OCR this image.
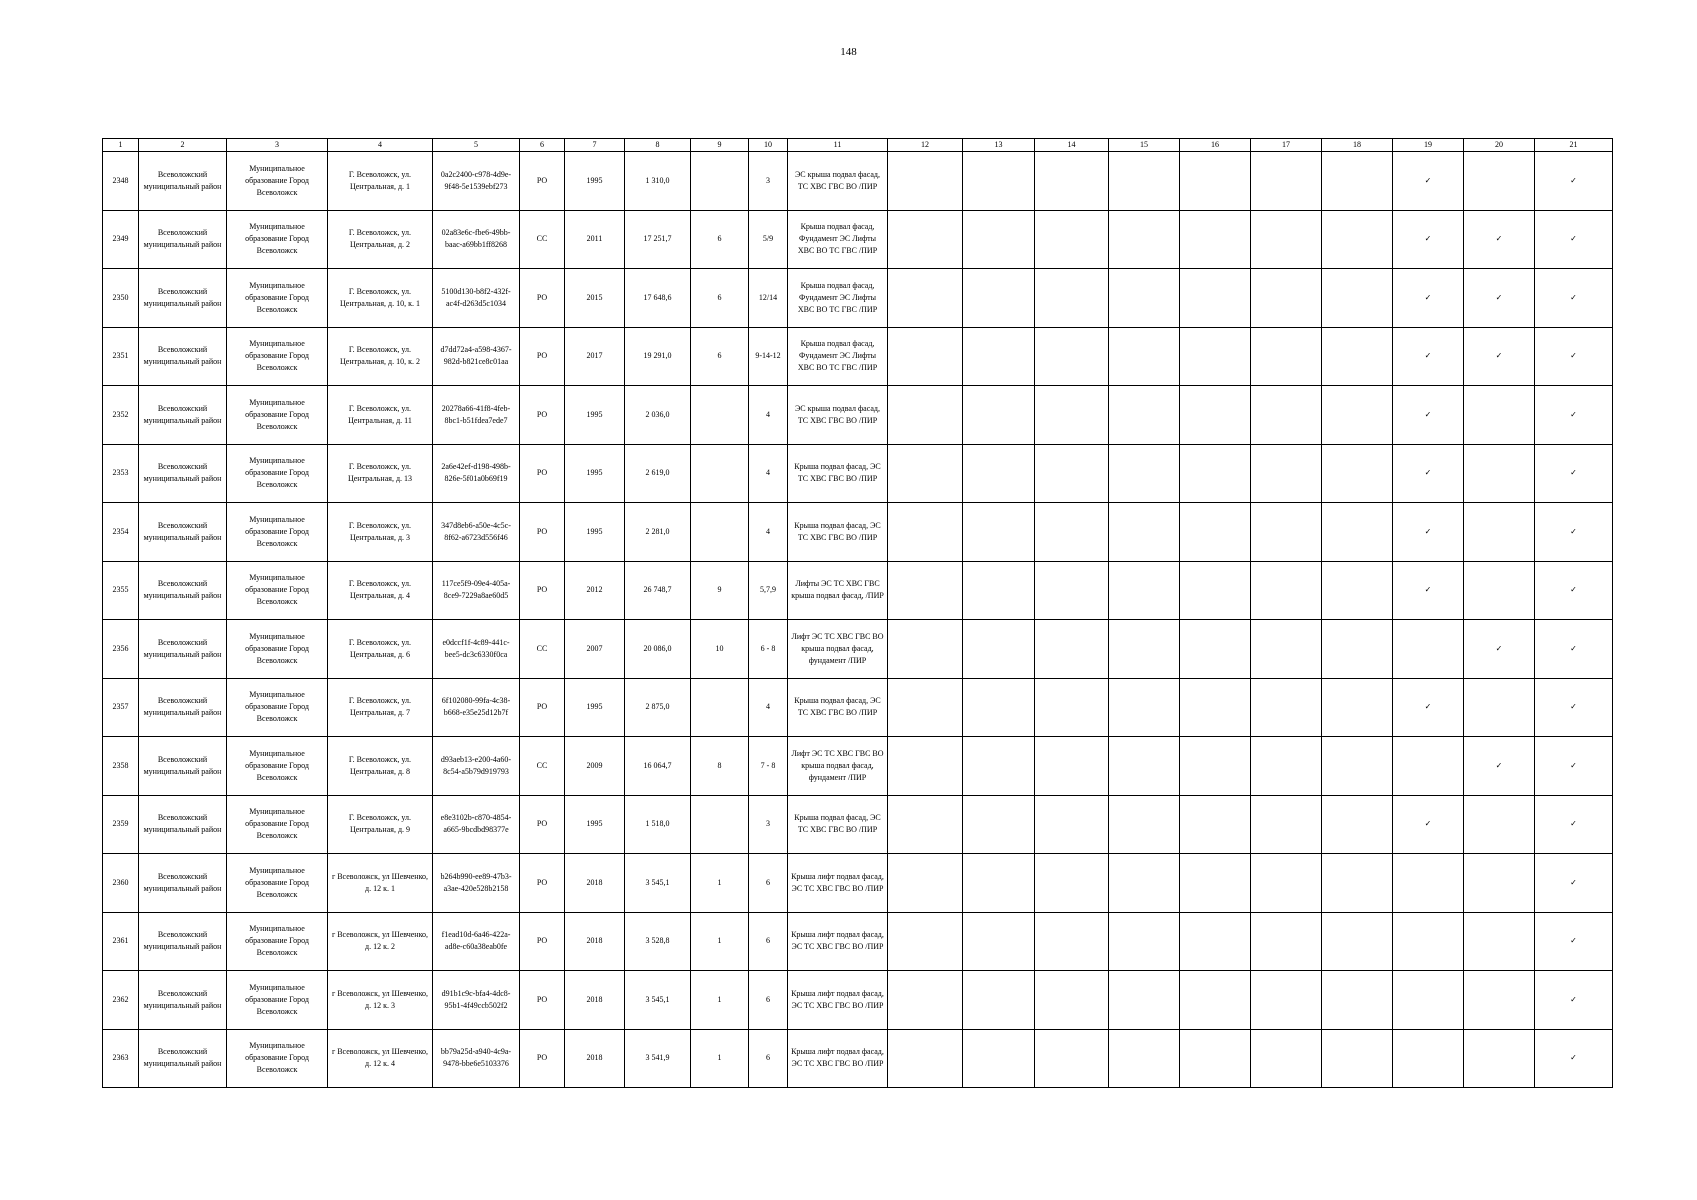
148
1	2	3	4	5	6	7	8	9	10	11	12	13	14	15	16	17	18	19	20	21
2348	Всеволожский муниципальный район	Муниципальное образование Город Всеволожск	Г. Всеволожск, ул. Центральная, д. 1	0a2c2400-c978-4d9e-9f48-5e1539ebf273	РО	1995	1 310,0		3	ЭС крыша подвал фасад, ТС ХВС ГВС ВО /ПИР								✓		✓
2349	Всеволожский муниципальный район	Муниципальное образование Город Всеволожск	Г. Всеволожск, ул. Центральная, д. 2	02a83e6c-fbe6-49bb-baac-a69bb1ff8268	СС	2011	17 251,7	6	5/9	Крыша подвал фасад, Фундамент ЭС Лифты ХВС ВО ТС ГВС /ПИР								✓	✓	✓
2350	Всеволожский муниципальный район	Муниципальное образование Город Всеволожск	Г. Всеволожск, ул. Центральная, д. 10, к. 1	5100d130-b8f2-432f-ac4f-d263d5c1034	РО	2015	17 648,6	6	12/14	Крыша подвал фасад, Фундамент ЭС Лифты ХВС ВО ТС ГВС /ПИР								✓	✓	✓
2351	Всеволожский муниципальный район	Муниципальное образование Город Всеволожск	Г. Всеволожск, ул. Центральная, д. 10, к. 2	d7dd72a4-a598-4367-982d-b821ce8c01aa	РО	2017	19 291,0	6	9-14-12	Крыша подвал фасад, Фундамент ЭС Лифты ХВС ВО ТС ГВС /ПИР								✓	✓	✓
2352	Всеволожский муниципальный район	Муниципальное образование Город Всеволожск	Г. Всеволожск, ул. Центральная, д. 11	20278a66-41f8-4feb-8bc1-b51fdea7ede7	РО	1995	2 036,0		4	ЭС крыша подвал фасад, ТС ХВС ГВС ВО /ПИР								✓		✓
2353	Всеволожский муниципальный район	Муниципальное образование Город Всеволожск	Г. Всеволожск, ул. Центральная, д. 13	2a6e42ef-d198-498b-826e-5f01a0b69f19	РО	1995	2 619,0		4	Крыша подвал фасад, ЭС ТС ХВС ГВС ВО /ПИР								✓		✓
2354	Всеволожский муниципальный район	Муниципальное образование Город Всеволожск	Г. Всеволожск, ул. Центральная, д. 3	347d8eb6-a50e-4c5c-8f62-a6723d556f46	РО	1995	2 281,0		4	Крыша подвал фасад, ЭС ТС ХВС ГВС ВО /ПИР								✓		✓
2355	Всеволожский муниципальный район	Муниципальное образование Город Всеволожск	Г. Всеволожск, ул. Центральная, д. 4	117ce5f9-09e4-405a-8ce9-7229a8ae60d5	РО	2012	26 748,7	9	5,7,9	Лифты ЭС ТС ХВС ГВС крыша подвал фасад, /ПИР								✓		✓
2356	Всеволожский муниципальный район	Муниципальное образование Город Всеволожск	Г. Всеволожск, ул. Центральная, д. 6	e0dccf1f-4c89-441c-bee5-dc3c6330f0ca	СС	2007	20 086,0	10	6 - 8	Лифт ЭС ТС ХВС ГВС ВО крыша подвал фасад, фундамент /ПИР									✓	✓
2357	Всеволожский муниципальный район	Муниципальное образование Город Всеволожск	Г. Всеволожск, ул. Центральная, д. 7	6f102080-99fa-4c38-b668-e35e25d12b7f	РО	1995	2 875,0		4	Крыша подвал фасад, ЭС ТС ХВС ГВС ВО /ПИР								✓		✓
2358	Всеволожский муниципальный район	Муниципальное образование Город Всеволожск	Г. Всеволожск, ул. Центральная, д. 8	d93aeb13-e200-4a60-8c54-a5b79d919793	СС	2009	16 064,7	8	7 - 8	Лифт ЭС ТС ХВС ГВС ВО крыша подвал фасад, фундамент /ПИР									✓	✓
2359	Всеволожский муниципальный район	Муниципальное образование Город Всеволожск	Г. Всеволожск, ул. Центральная, д. 9	e8e3102b-c870-4854-a665-9bcdbd98377e	РО	1995	1 518,0		3	Крыша подвал фасад, ЭС ТС ХВС ГВС ВО /ПИР								✓		✓
2360	Всеволожский муниципальный район	Муниципальное образование Город Всеволожск	г Всеволожск, ул Шевченко, д. 12 к. 1	b264b990-ee89-47b3-a3ae-420e528b2158	РО	2018	3 545,1	1	6	Крыша лифт подвал фасад, ЭС ТС ХВС ГВС ВО /ПИР										✓
2361	Всеволожский муниципальный район	Муниципальное образование Город Всеволожск	г Всеволожск, ул Шевченко, д. 12 к. 2	f1ead10d-6a46-422a-ad8e-c60a38eab0fe	РО	2018	3 528,8	1	6	Крыша лифт подвал фасад, ЭС ТС ХВС ГВС ВО /ПИР										✓
2362	Всеволожский муниципальный район	Муниципальное образование Город Всеволожск	г Всеволожск, ул Шевченко, д. 12 к. 3	d91b1c9c-bfa4-4dc8-95b1-4f49ccb502f2	РО	2018	3 545,1	1	6	Крыша лифт подвал фасад, ЭС ТС ХВС ГВС ВО /ПИР										✓
2363	Всеволожский муниципальный район	Муниципальное образование Город Всеволожск	г Всеволожск, ул Шевченко, д. 12 к. 4	bb79a25d-a940-4c9a-9478-bbe6e5103376	РО	2018	3 541,9	1	6	Крыша лифт подвал фасад, ЭС ТС ХВС ГВС ВО /ПИР										✓
